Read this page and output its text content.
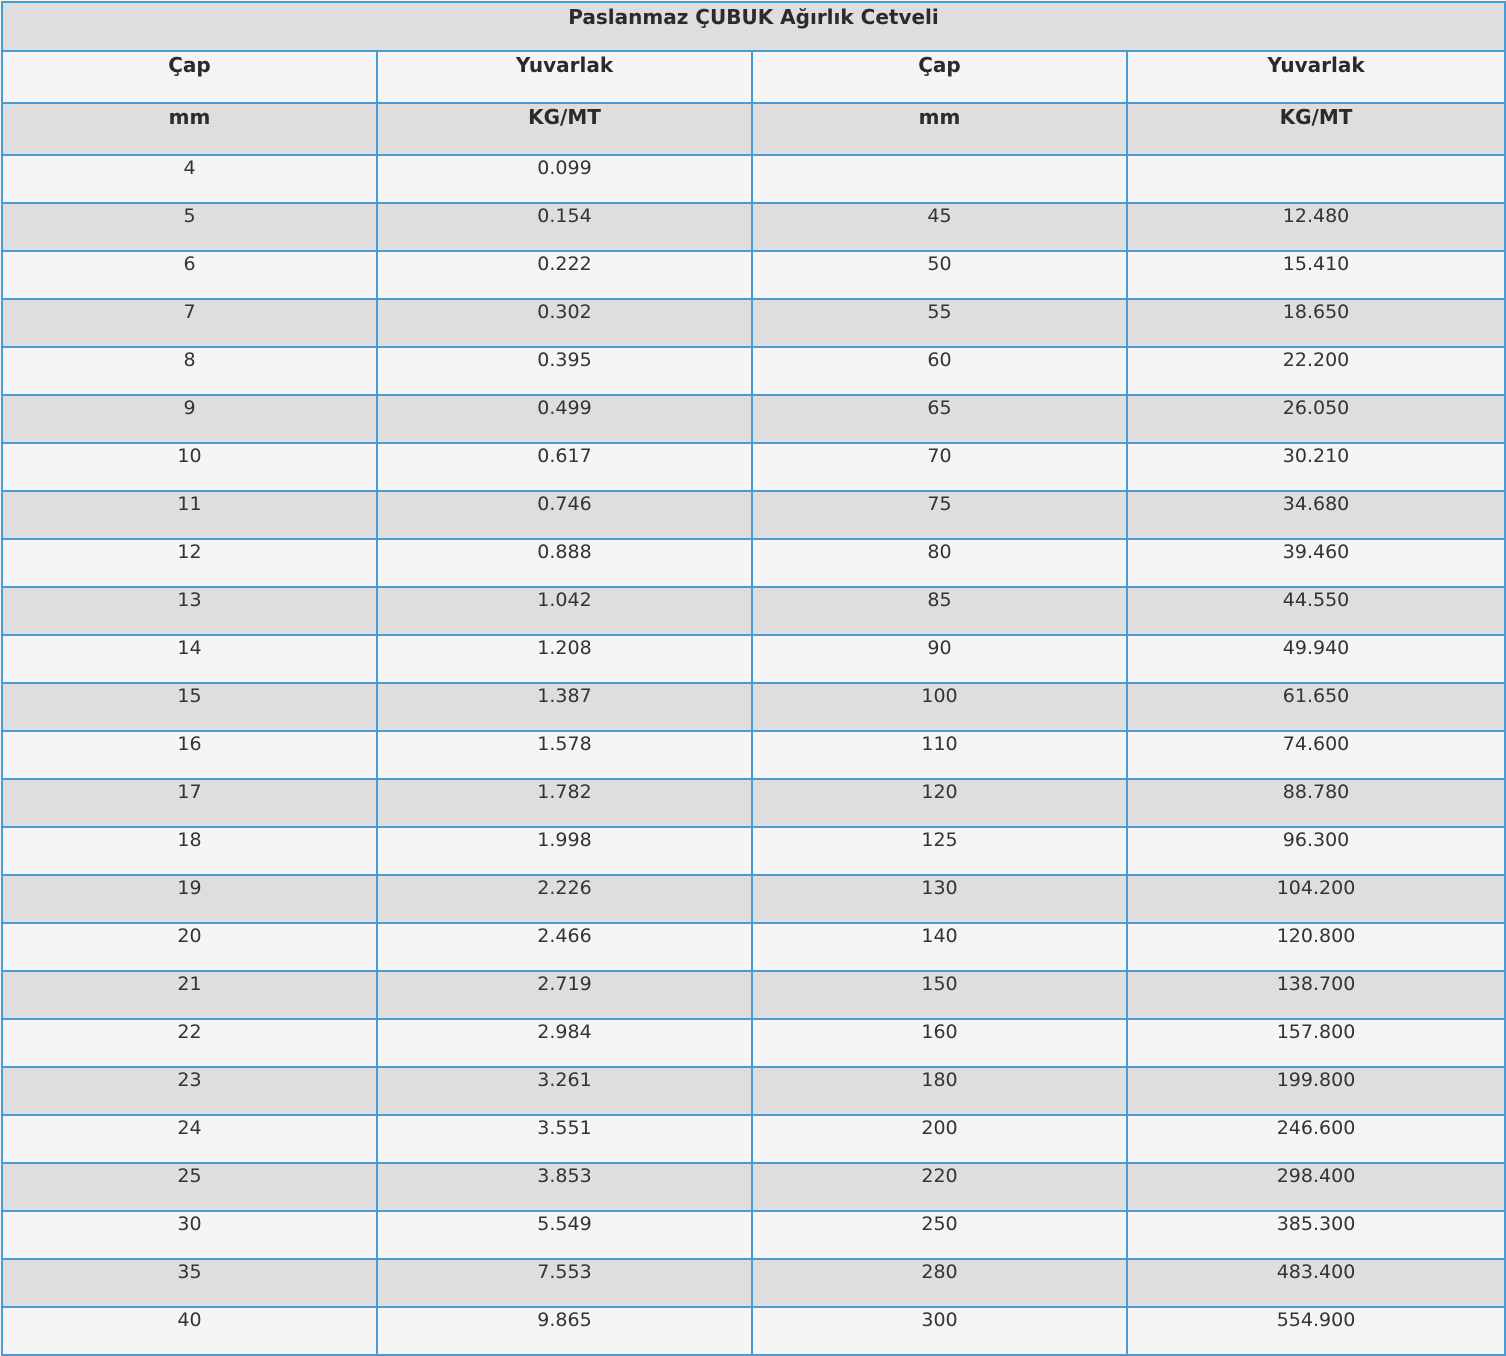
Paslanmaz ÇUBUK Ağırlık Cetveli			
Çap	Yuvarlak	Çap	Yuvarlak
mm	KG/MT	mm	KG/MT
4	0.099		
5	0.154	45	12.480
6	0.222	50	15.410
7	0.302	55	18.650
8	0.395	60	22.200
9	0.499	65	26.050
10	0.617	70	30.210
11	0.746	75	34.680
12	0.888	80	39.460
13	1.042	85	44.550
14	1.208	90	49.940
15	1.387	100	61.650
16	1.578	110	74.600
17	1.782	120	88.780
18	1.998	125	96.300
19	2.226	130	104.200
20	2.466	140	120.800
21	2.719	150	138.700
22	2.984	160	157.800
23	3.261	180	199.800
24	3.551	200	246.600
25	3.853	220	298.400
30	5.549	250	385.300
35	7.553	280	483.400
40	9.865	300	554.900
